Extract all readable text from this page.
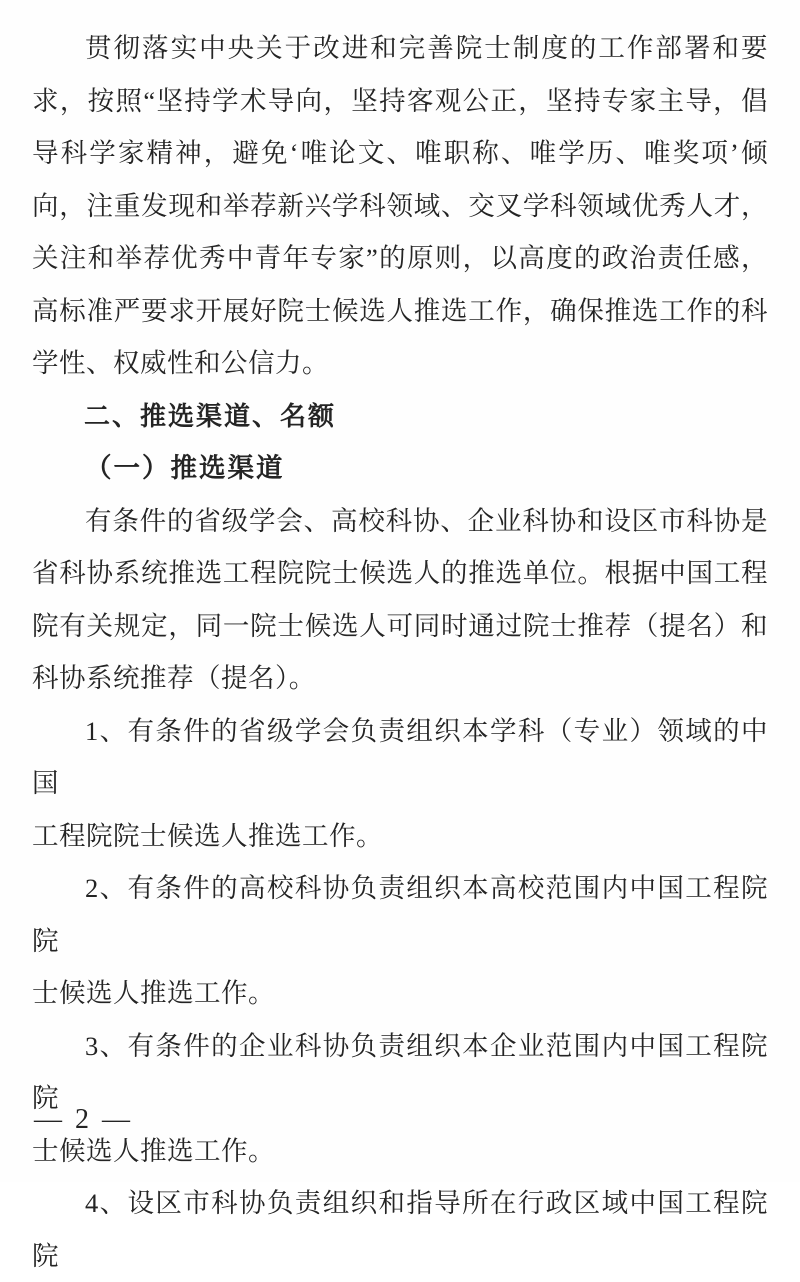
贯彻落实中央关于改进和完善院士制度的工作部署和要
求，按照“坚持学术导向，坚持客观公正，坚持专家主导，倡
导科学家精神，避免‘唯论文、唯职称、唯学历、唯奖项’倾
向，注重发现和举荐新兴学科领域、交叉学科领域优秀人才，
关注和举荐优秀中青年专家”的原则，以高度的政治责任感，
高标准严要求开展好院士候选人推选工作，确保推选工作的科
学性、权威性和公信力。
二、推选渠道、名额
（一）推选渠道
有条件的省级学会、高校科协、企业科协和设区市科协是
省科协系统推选工程院院士候选人的推选单位。根据中国工程
院有关规定，同一院士候选人可同时通过院士推荐（提名）和
科协系统推荐（提名）。
1、有条件的省级学会负责组织本学科（专业）领域的中国
工程院院士候选人推选工作。
2、有条件的高校科协负责组织本高校范围内中国工程院院
士候选人推选工作。
3、有条件的企业科协负责组织本企业范围内中国工程院院
士候选人推选工作。
4、设区市科协负责组织和指导所在行政区域中国工程院院
— 2 —
